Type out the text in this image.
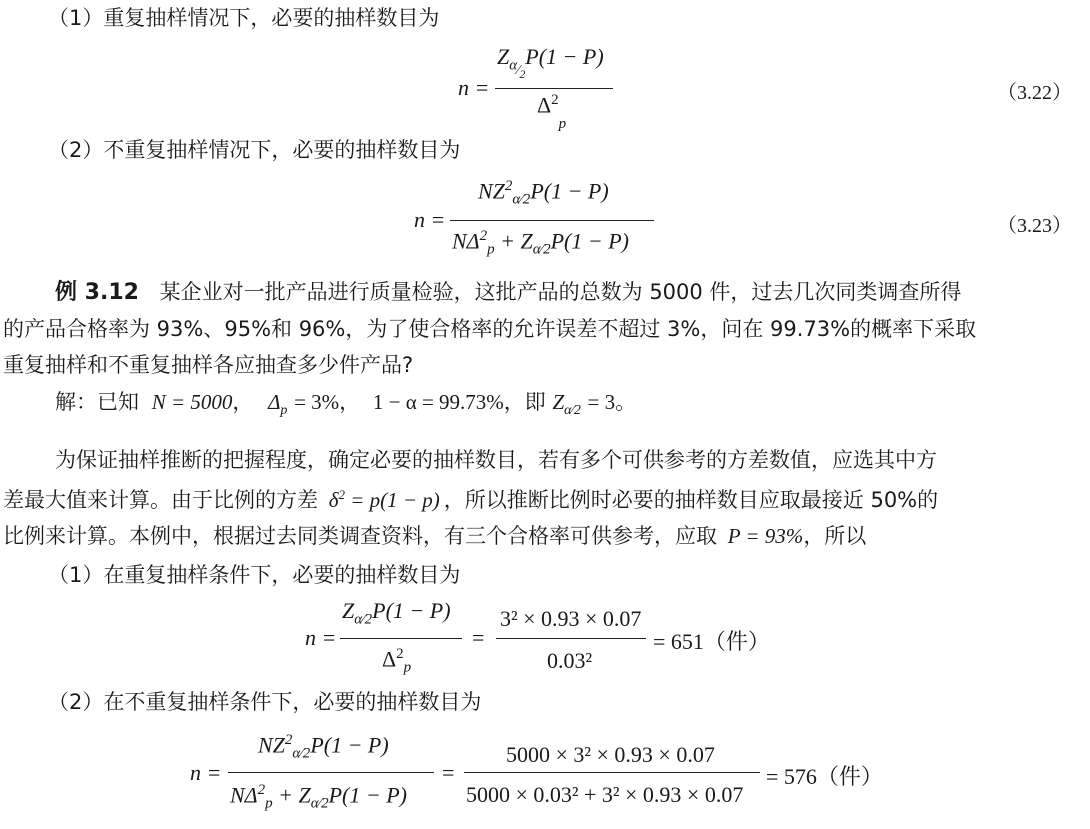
（1）重复抽样情况下，必要的抽样数目为
n =
$Z_{\alpha⁄_2}P(1 - P)$
$\Delta^2_p$
（3.22）
（2）不重复抽样情况下，必要的抽样数目为
n =
$NZ^2_{\alpha⁄2}P(1 - P)$
$N\Delta^2_p + Z_{\alpha⁄2}P(1 - P)$
（3.23）
例 3.12 某企业对一批产品进行质量检验，这批产品的总数为 5000 件，过去几次同类调查所得
的产品合格率为 93%、95%和 96%，为了使合格率的允许误差不超过 3%，问在 99.73%的概率下采取
重复抽样和不重复抽样各应抽查多少件产品?
解：已知 N = 5000， $\Delta_p = 3\%$， 1 − α = 99.73%，即 $Z_{\alpha⁄2} = 3$。
为保证抽样推断的把握程度，确定必要的抽样数目，若有多个可供参考的方差数值，应选其中方
差最大值来计算。由于比例的方差 $\delta^2 = p(1 - p)$ ，所以推断比例时必要的抽样数目应取最接近 50%的
比例来计算。本例中，根据过去同类调查资料，有三个合格率可供参考，应取 P = 93%，所以
（1）在重复抽样条件下，必要的抽样数目为
n =
$Z_{\alpha⁄2}P(1 - P)$
$\Delta^2_p$
=
3² × 0.93 × 0.07
0.03²
= 651（件）
（2）在不重复抽样条件下，必要的抽样数目为
n =
$NZ^2_{\alpha⁄2}P(1 - P)$
$N\Delta^2_p + Z_{\alpha⁄2}P(1 - P)$
=
5000 × 3² × 0.93 × 0.07
5000 × 0.03² + 3² × 0.93 × 0.07
= 576（件）
